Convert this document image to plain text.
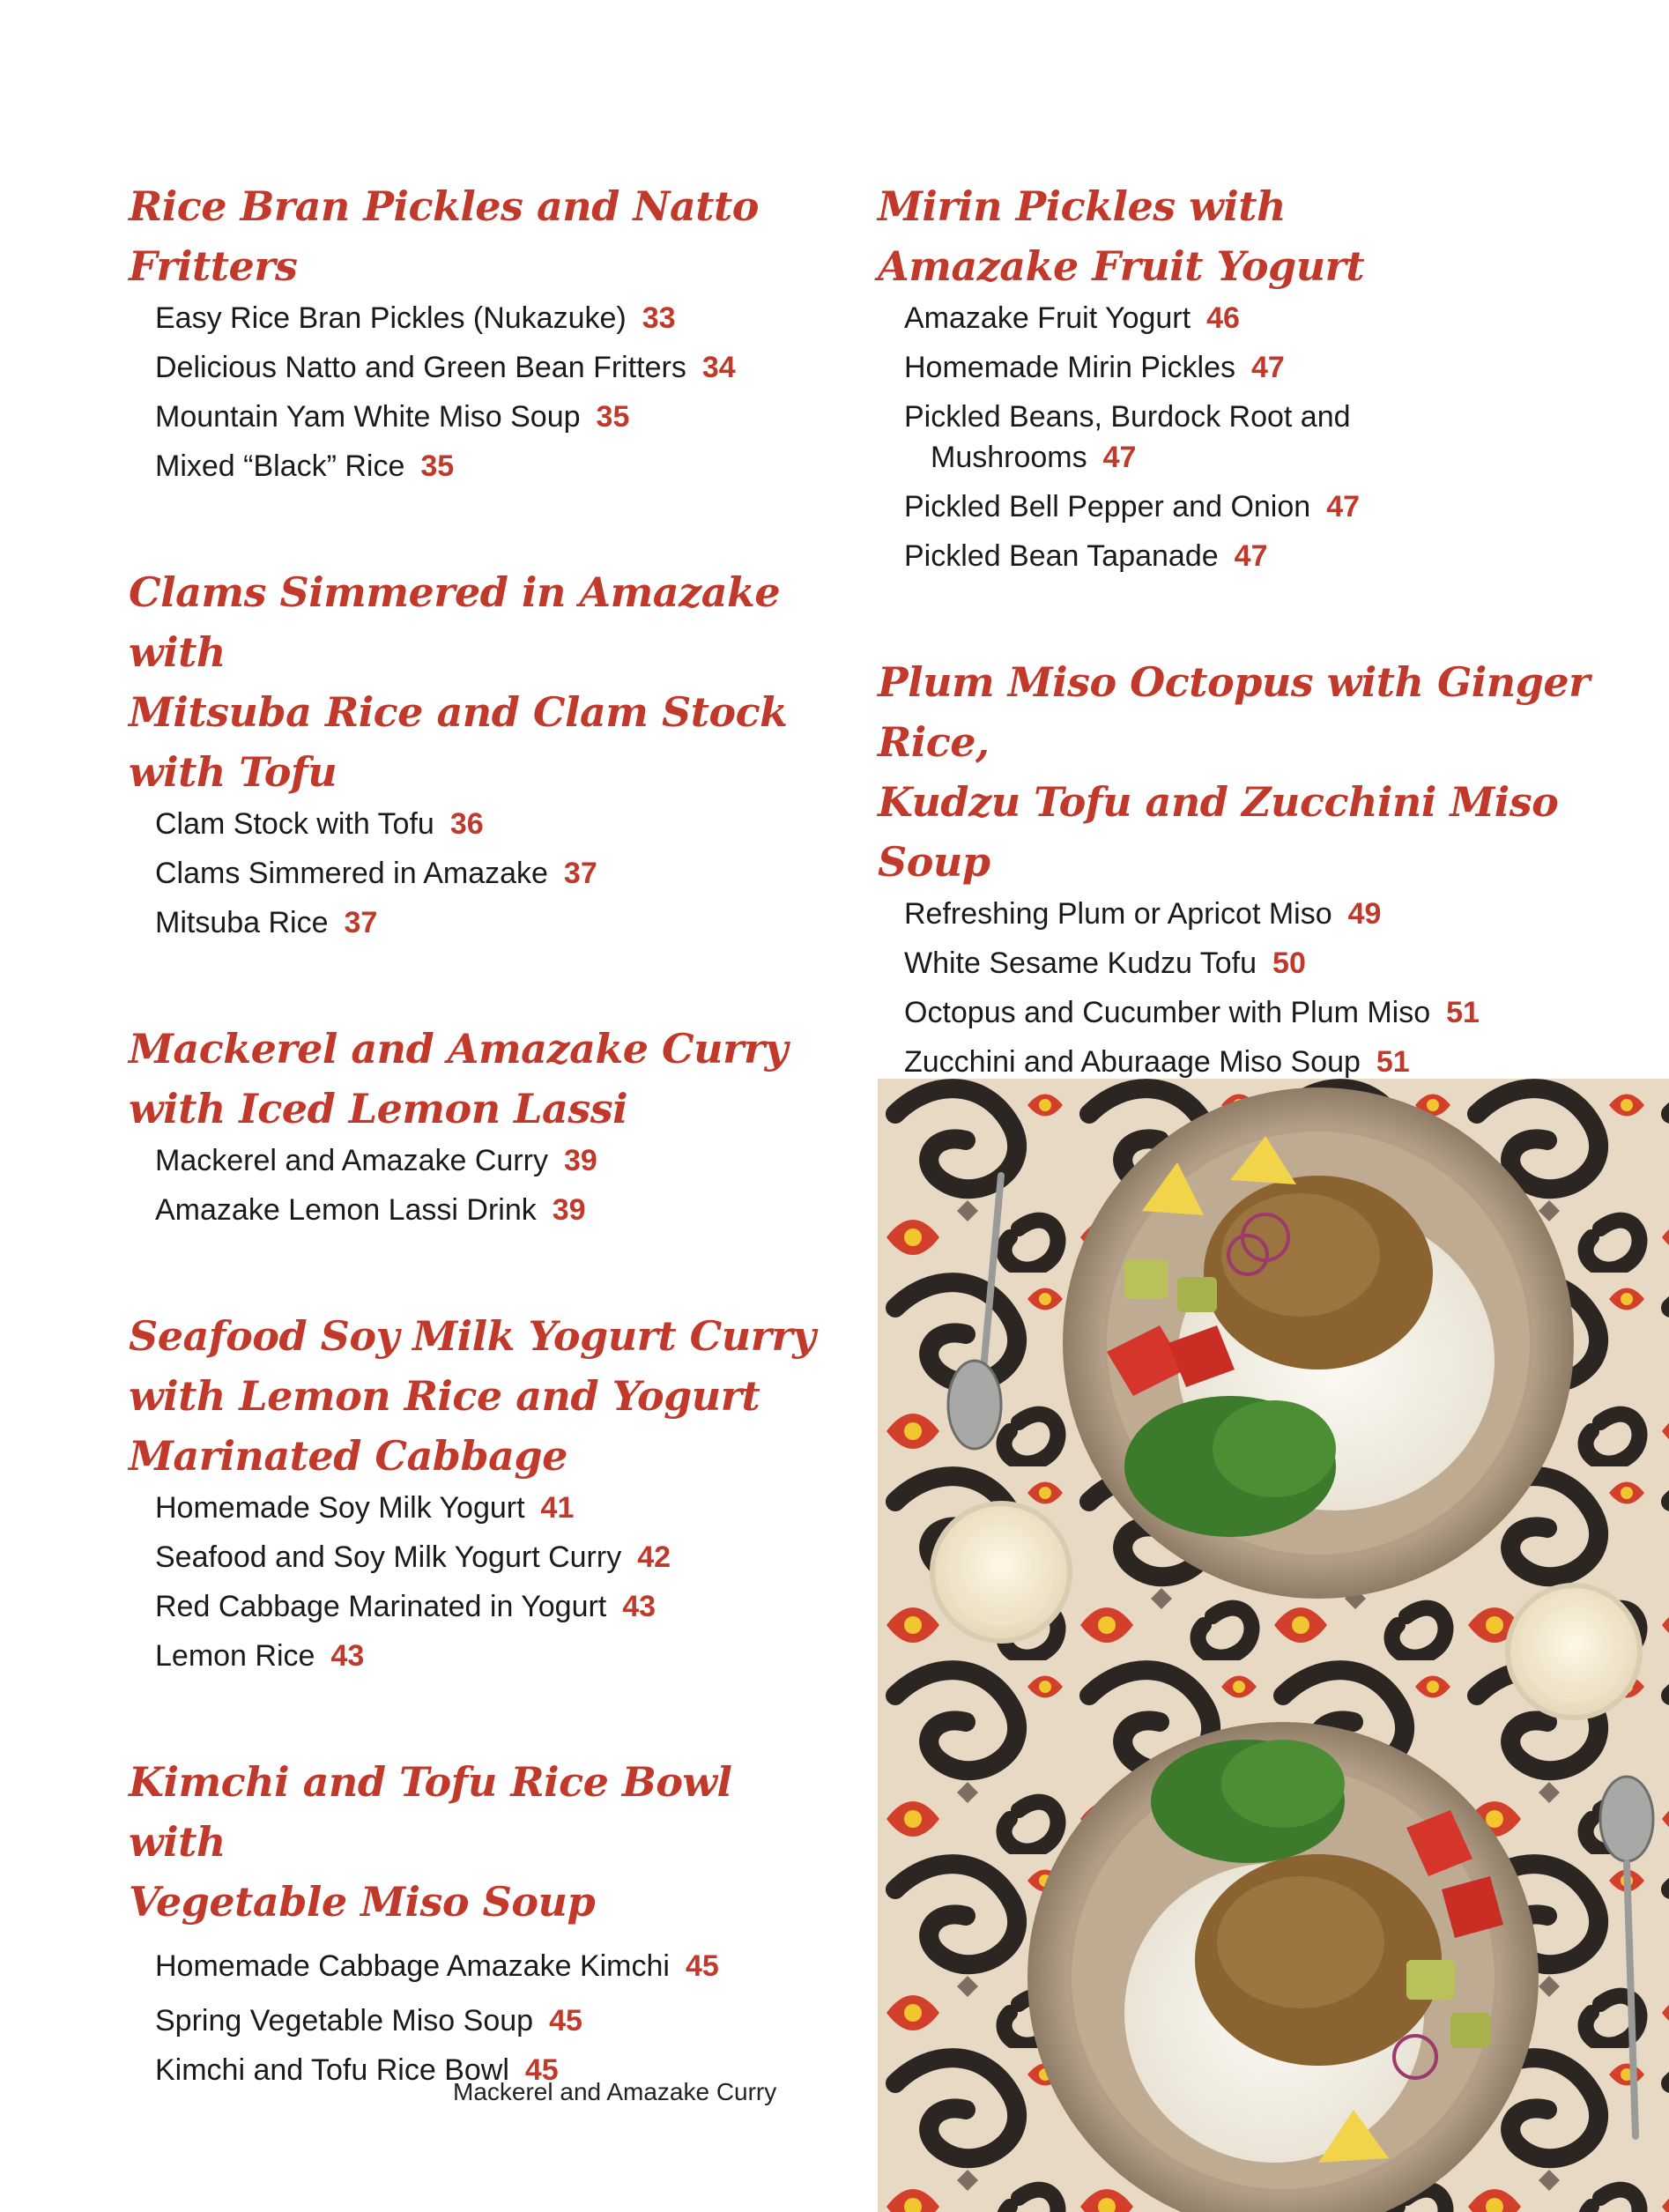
Rice Bran Pickles and Natto Fritters
Easy Rice Bran Pickles (Nukazuke) 33
Delicious Natto and Green Bean Fritters 34
Mountain Yam White Miso Soup 35
Mixed “Black” Rice 35
Clams Simmered in Amazake with
Mitsuba Rice and Clam Stock with Tofu
Clam Stock with Tofu 36
Clams Simmered in Amazake 37
Mitsuba Rice 37
Mackerel and Amazake Curry
with Iced Lemon Lassi
Mackerel and Amazake Curry 39
Amazake Lemon Lassi Drink 39
Seafood Soy Milk Yogurt Curry
with Lemon Rice and Yogurt
Marinated Cabbage
Homemade Soy Milk Yogurt 41
Seafood and Soy Milk Yogurt Curry 42
Red Cabbage Marinated in Yogurt 43
Lemon Rice 43
Kimchi and Tofu Rice Bowl with
Vegetable Miso Soup
Homemade Cabbage Amazake Kimchi 45
Spring Vegetable Miso Soup 45
Kimchi and Tofu Rice Bowl 45
Mirin Pickles with
Amazake Fruit Yogurt
Amazake Fruit Yogurt 46
Homemade Mirin Pickles 47
Pickled Beans, Burdock Root and
Mushrooms 47
Pickled Bell Pepper and Onion 47
Pickled Bean Tapanade 47
Plum Miso Octopus with Ginger Rice,
Kudzu Tofu and Zucchini Miso Soup
Refreshing Plum or Apricot Miso 49
White Sesame Kudzu Tofu 50
Octopus and Cucumber with Plum Miso 51
Zucchini and Aburaage Miso Soup 51
Mackerel and Amazake Curry
